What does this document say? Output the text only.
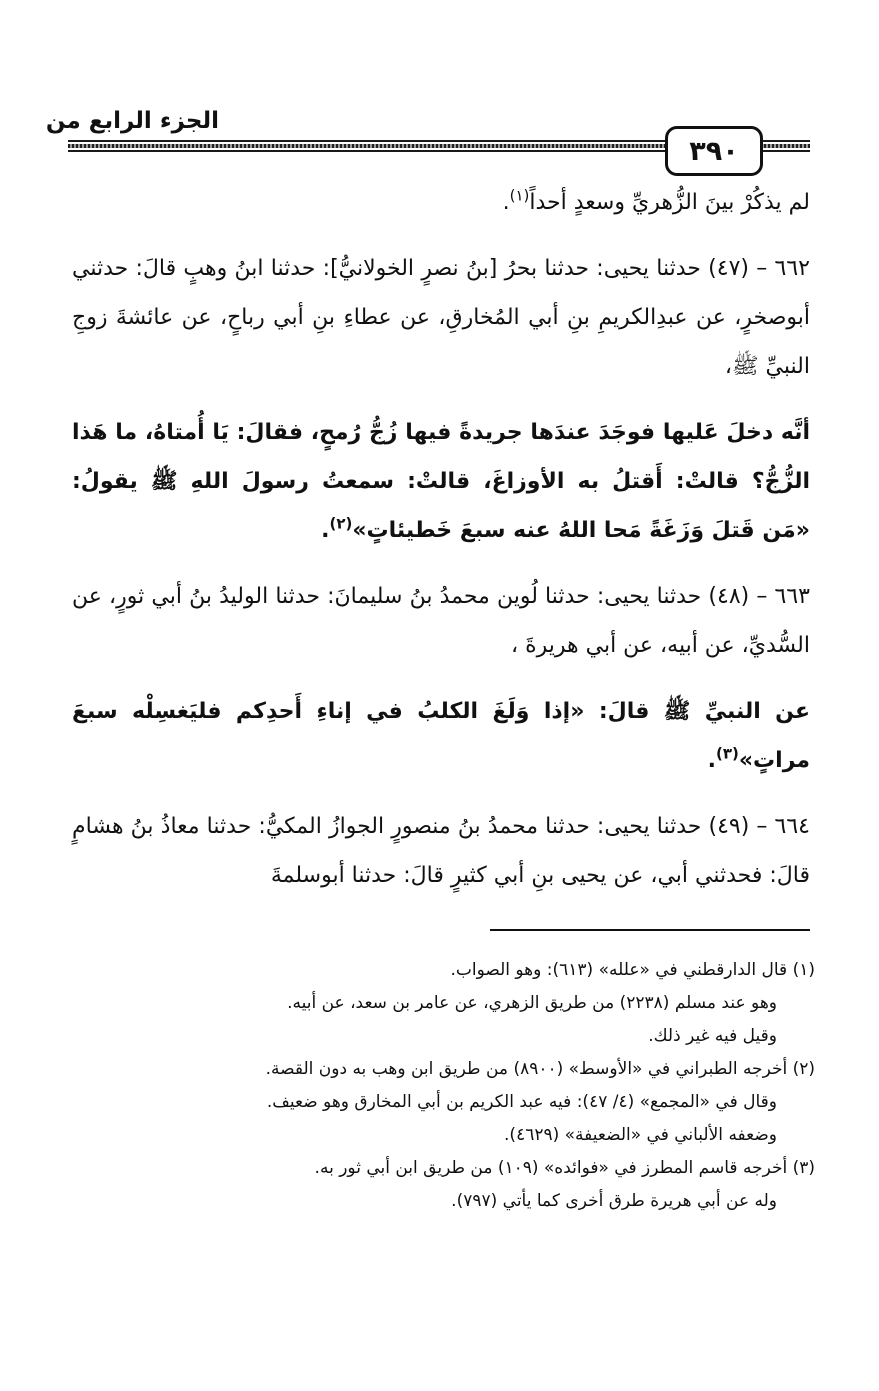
الجزء الرابع من
٣٩٠

لم يذكُرْ بينَ الزُّهريِّ وسعدٍ أحداً$^{(١)}$.

٦٦٢ – (٤٧) حدثنا يحيى: حدثنا بحرُ [بنُ نصرٍ الخولانيُّ]: حدثنا ابنُ وهبٍ قالَ: حدثني أبوصخرٍ، عن عبدِالكريمِ بنِ أبي المُخارقِ، عن عطاءِ بنِ أبي رباحٍ، عن عائشةَ زوجِ النبيِّ ﷺ،

أنَّه دخلَ عَليها فوجَدَ عندَها جريدةً فيها زُجُّ رُمحٍ، فقالَ: يَا أُمتاهُ، ما هَذا الزُّجُّ؟ قالتْ: أَقتلُ به الأوزاغَ، قالتْ: سمعتُ رسولَ اللهِ ﷺ يقولُ: «مَن قَتلَ وَزَغَةً مَحا اللهُ عنه سبعَ خَطيئاتٍ»$^{(٢)}$.

٦٦٣ – (٤٨) حدثنا يحيى: حدثنا لُوين محمدُ بنُ سليمانَ: حدثنا الوليدُ بنُ أبي ثورٍ، عن السُّديِّ، عن أبيه، عن أبي هريرةَ ،

عن النبيِّ ﷺ قالَ: «إذا وَلَغَ الكلبُ في إناءِ أَحدِكم فليَغسِلْه سبعَ مراتٍ»$^{(٣)}$.

٦٦٤ – (٤٩) حدثنا يحيى: حدثنا محمدُ بنُ منصورٍ الجوازُ المكيُّ: حدثنا معاذُ بنُ هشامٍ قالَ: فحدثني أبي، عن يحيى بنِ أبي كثيرٍ قالَ: حدثنا أبوسلمةَ

(١) قال الدارقطني في «علله» (٦١٣): وهو الصواب.
وهو عند مسلم (٢٢٣٨) من طريق الزهري، عن عامر بن سعد، عن أبيه.
وقيل فيه غير ذلك.
(٢) أخرجه الطبراني في «الأوسط» (٨٩٠٠) من طريق ابن وهب به دون القصة.
وقال في «المجمع» (٤/ ٤٧): فيه عبد الكريم بن أبي المخارق وهو ضعيف.
وضعفه الألباني في «الضعيفة» (٤٦٢٩).
(٣) أخرجه قاسم المطرز في «فوائده» (١٠٩) من طريق ابن أبي ثور به.
وله عن أبي هريرة طرق أخرى كما يأتي (٧٩٧).
